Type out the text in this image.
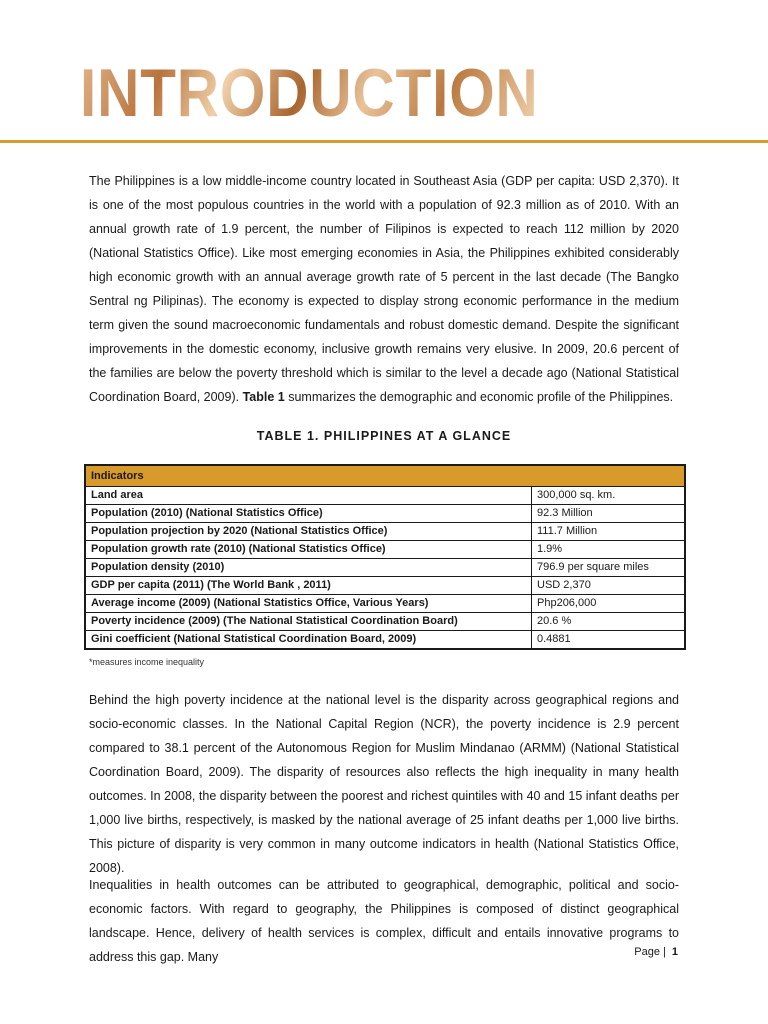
INTRODUCTION

The Philippines is a low middle-income country located in Southeast Asia (GDP per capita: USD 2,370). It is one of the most populous countries in the world with a population of 92.3 million as of 2010. With an annual growth rate of 1.9 percent, the number of Filipinos is expected to reach 112 million by 2020 (National Statistics Office). Like most emerging economies in Asia, the Philippines exhibited considerably high economic growth with an annual average growth rate of 5 percent in the last decade (The Bangko Sentral ng Pilipinas). The economy is expected to display strong economic performance in the medium term given the sound macroeconomic fundamentals and robust domestic demand. Despite the significant improvements in the domestic economy, inclusive growth remains very elusive. In 2009, 20.6 percent of the families are below the poverty threshold which is similar to the level a decade ago (National Statistical Coordination Board, 2009). Table 1 summarizes the demographic and economic profile of the Philippines.

TABLE 1. PHILIPPINES AT A GLANCE
Indicators	
Land area	300,000 sq. km.
Population (2010) (National Statistics Office)	92.3 Million
Population projection by 2020 (National Statistics Office)	111.7 Million
Population growth rate (2010) (National Statistics Office)	1.9%
Population density (2010)	796.9 per square miles
GDP per capita (2011) (The World Bank , 2011)	USD 2,370
Average income (2009) (National Statistics Office, Various Years)	Php206,000
Poverty incidence (2009) (The National Statistical Coordination Board)	20.6 %
Gini coefficient (National Statistical Coordination Board, 2009)	0.4881
*measures income inequality

Behind the high poverty incidence at the national level is the disparity across geographical regions and socio-economic classes. In the National Capital Region (NCR), the poverty incidence is 2.9 percent compared to 38.1 percent of the Autonomous Region for Muslim Mindanao (ARMM) (National Statistical Coordination Board, 2009). The disparity of resources also reflects the high inequality in many health outcomes. In 2008, the disparity between the poorest and richest quintiles with 40 and 15 infant deaths per 1,000 live births, respectively, is masked by the national average of 25 infant deaths per 1,000 live births. This picture of disparity is very common in many outcome indicators in health (National Statistics Office, 2008).

Inequalities in health outcomes can be attributed to geographical, demographic, political and socio-economic factors. With regard to geography, the Philippines is composed of distinct geographical landscape. Hence, delivery of health services is complex, difficult and entails innovative programs to address this gap. Many	Page | 1
